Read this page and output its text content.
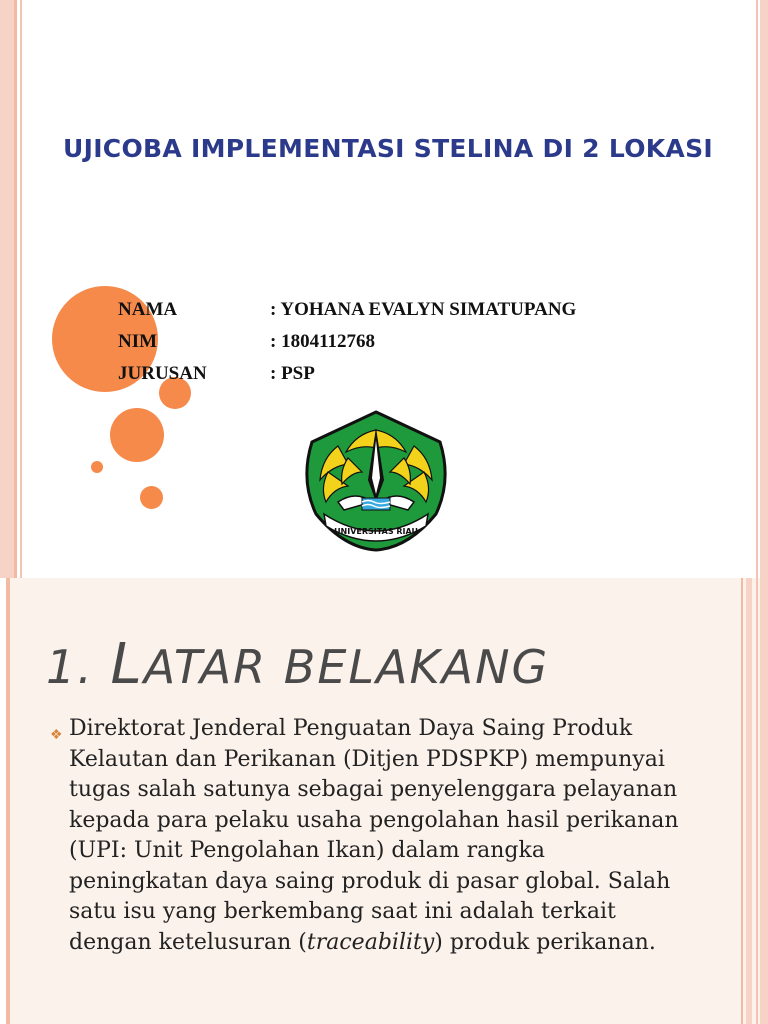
UJICOBA IMPLEMENTASI STELINA DI 2 LOKASI
NAMA	: YOHANA EVALYN SIMATUPANG
NIM	: 1804112768
JURUSAN	: PSP
UNIVERSITAS RIAU
1. LATAR BELAKANG
❖ Direktorat Jenderal Penguatan Daya Saing Produk Kelautan dan Perikanan (Ditjen PDSPKP) mempunyai tugas salah satunya sebagai penyelenggara pelayanan kepada para pelaku usaha pengolahan hasil perikanan (UPI: Unit Pengolahan Ikan) dalam rangka peningkatan daya saing produk di pasar global. Salah satu isu yang berkembang saat ini adalah terkait dengan ketelusuran (traceability) produk perikanan.
